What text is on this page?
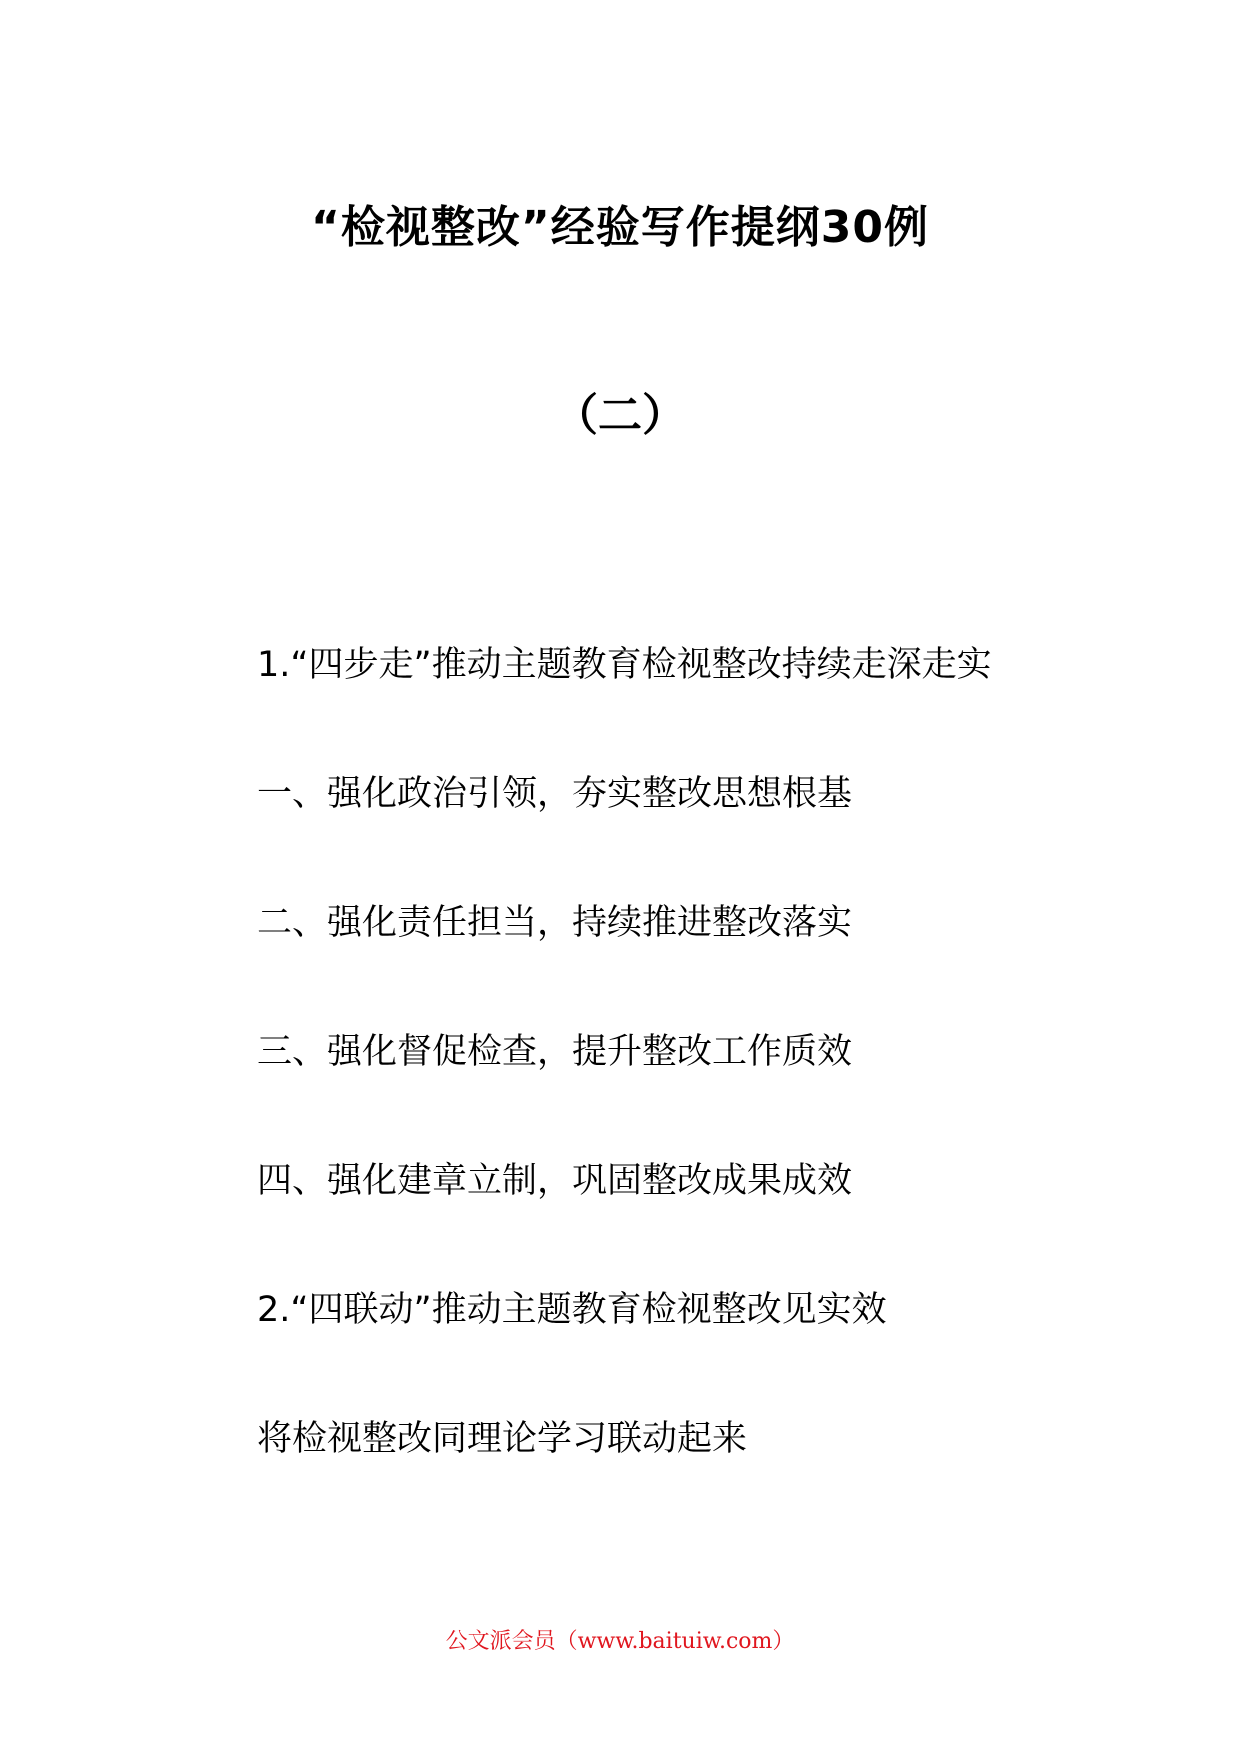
“检视整改”经验写作提纲30例
（二）
1.“四步走”推动主题教育检视整改持续走深走实
一、强化政治引领，夯实整改思想根基
二、强化责任担当，持续推进整改落实
三、强化督促检查，提升整改工作质效
四、强化建章立制，巩固整改成果成效
2.“四联动”推动主题教育检视整改见实效
将检视整改同理论学习联动起来
公文派会员（www.baituiw.com）
